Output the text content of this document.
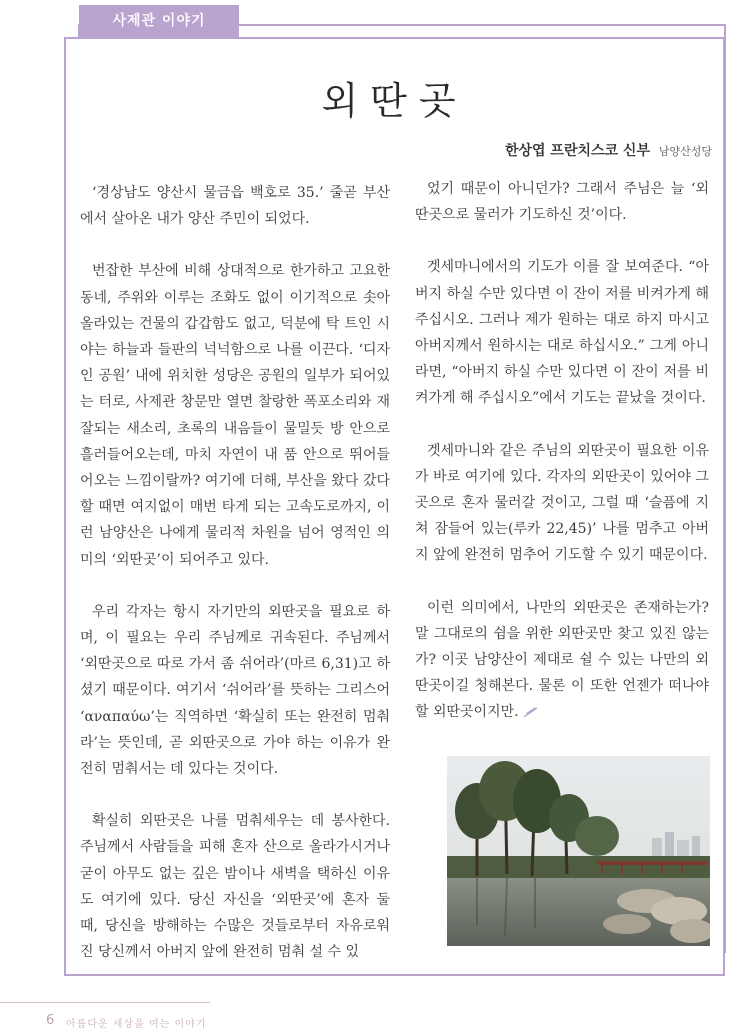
사제관 이야기
외딴곳
한상엽 프란치스코 신부 남양산성당

‘경상남도 양산시 물금읍 백호로 35.’ 줄곧 부산에서 살아온 내가 양산 주민이 되었다.

번잡한 부산에 비해 상대적으로 한가하고 고요한 동네, 주위와 이루는 조화도 없이 이기적으로 솟아올라있는 건물의 갑갑함도 없고, 덕분에 탁 트인 시야는 하늘과 들판의 넉넉함으로 나를 이끈다. ‘디자인 공원’ 내에 위치한 성당은 공원의 일부가 되어있는 터로, 사제관 창문만 열면 찰랑한 폭포소리와 재잘되는 새소리, 초록의 내음들이 물밀듯 방 안으로 흘러들어오는데, 마치 자연이 내 품 안으로 뛰어들어오는 느낌이랄까? 여기에 더해, 부산을 왔다 갔다 할 때면 여지없이 매번 타게 되는 고속도로까지, 이런 남양산은 나에게 물리적 차원을 넘어 영적인 의미의 ‘외딴곳’이 되어주고 있다.

우리 각자는 항시 자기만의 외딴곳을 필요로 하며, 이 필요는 우리 주님께로 귀속된다. 주님께서 ‘외딴곳으로 따로 가서 좀 쉬어라’(마르 6,31)고 하셨기 때문이다. 여기서 ‘쉬어라’를 뜻하는 그리스어 ‘αναπαύω’는 직역하면 ‘확실히 또는 완전히 멈춰라’는 뜻인데, 곧 외딴곳으로 가야 하는 이유가 완전히 멈춰서는 데 있다는 것이다.

확실히 외딴곳은 나를 멈춰세우는 데 봉사한다. 주님께서 사람들을 피해 혼자 산으로 올라가시거나 굳이 아무도 없는 깊은 밤이나 새벽을 택하신 이유도 여기에 있다. 당신 자신을 ‘외딴곳’에 혼자 둘 때, 당신을 방해하는 수많은 것들로부터 자유로워진 당신께서 아버지 앞에 완전히 멈춰 설 수 있

었기 때문이 아니던가? 그래서 주님은 늘 ‘외딴곳으로 물러가 기도하신 것’이다.

겟세마니에서의 기도가 이를 잘 보여준다. “아버지 하실 수만 있다면 이 잔이 저를 비켜가게 해 주십시오. 그러나 제가 원하는 대로 하지 마시고 아버지께서 원하시는 대로 하십시오.” 그게 아니라면, “아버지 하실 수만 있다면 이 잔이 저를 비켜가게 해 주십시오”에서 기도는 끝났을 것이다.

겟세마니와 같은 주님의 외딴곳이 필요한 이유가 바로 여기에 있다. 각자의 외딴곳이 있어야 그곳으로 혼자 물러갈 것이고, 그럴 때 ‘슬픔에 지쳐 잠들어 있는(루카 22,45)’ 나를 멈추고 아버지 앞에 완전히 멈추어 기도할 수 있기 때문이다.

이런 의미에서, 나만의 외딴곳은 존재하는가? 말 그대로의 쉼을 위한 외딴곳만 찾고 있진 않는가? 이곳 남양산이 제대로 쉴 수 있는 나만의 외딴곳이길 청해본다. 물론 이 또한 언젠가 떠나야 할 외딴곳이지만.

6 아름다운 세상을 여는 이야기
